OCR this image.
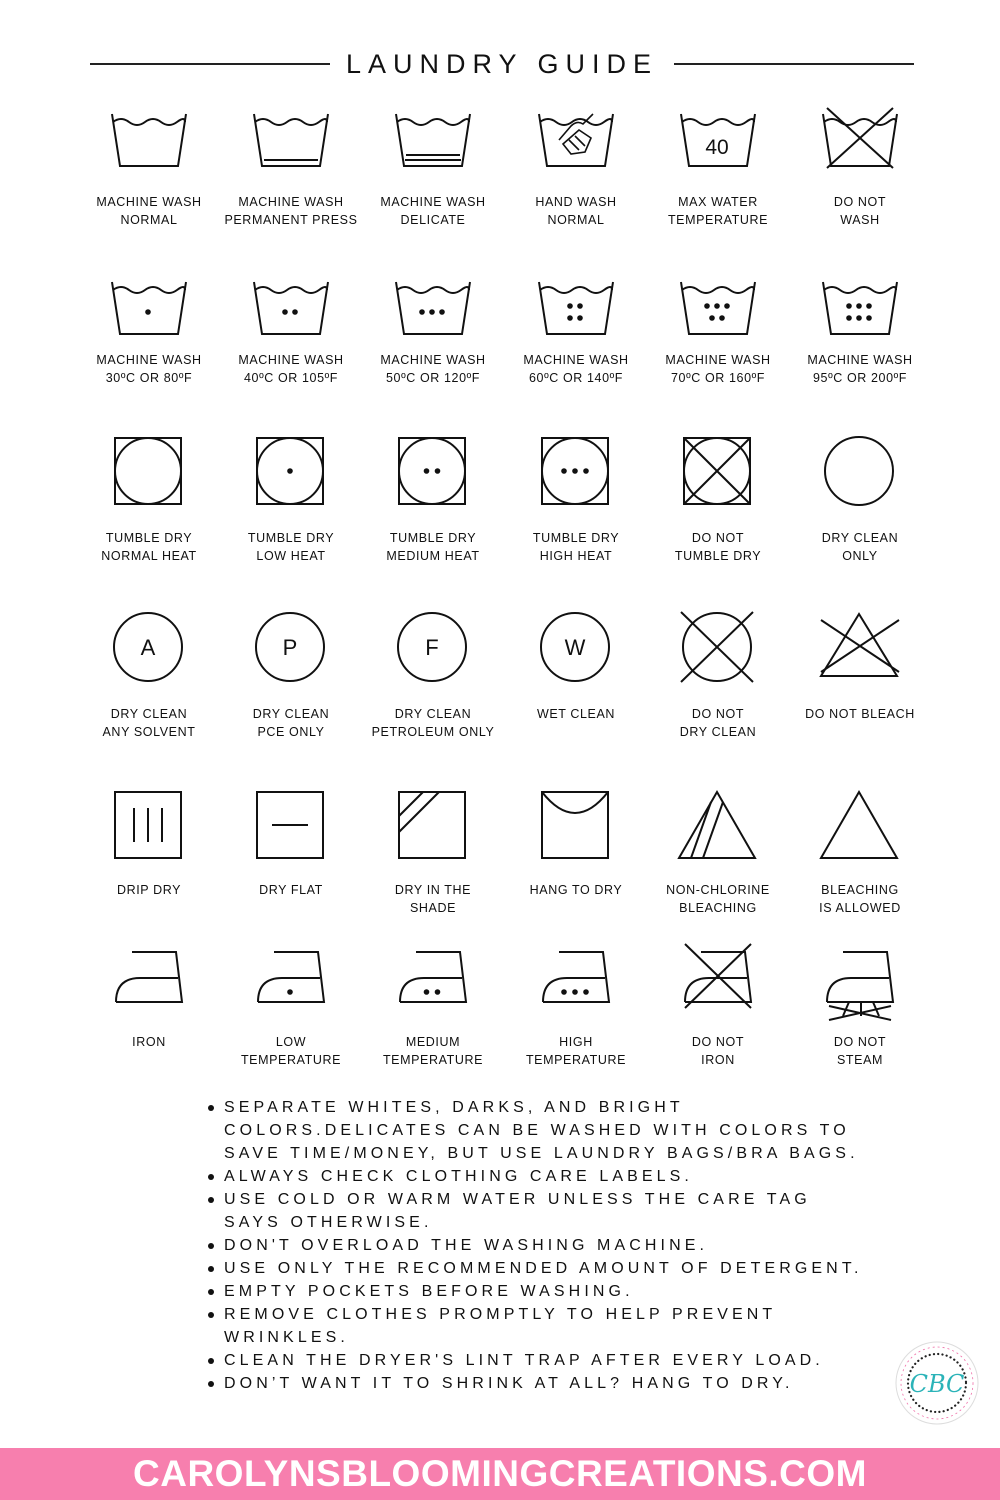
LAUNDRY GUIDE
MACHINE WASH
NORMAL
MACHINE WASH
PERMANENT PRESS
MACHINE WASH
DELICATE
HAND WASH
NORMAL
40
MAX WATER
TEMPERATURE
DO NOT
WASH
MACHINE WASH
30ºC OR 80ºF
MACHINE WASH
40ºC OR 105ºF
MACHINE WASH
50ºC OR 120ºF
MACHINE WASH
60ºC OR 140ºF
MACHINE WASH
70ºC OR 160ºF
MACHINE WASH
95ºC OR 200ºF
TUMBLE DRY
NORMAL HEAT
TUMBLE DRY
LOW HEAT
TUMBLE DRY
MEDIUM HEAT
TUMBLE DRY
HIGH HEAT
DO NOT
TUMBLE DRY
DRY CLEAN
ONLY
A
DRY CLEAN
ANY SOLVENT
P
DRY CLEAN
PCE ONLY
F
DRY CLEAN
PETROLEUM ONLY
W
WET CLEAN	DO NOT
DRY CLEAN
DO NOT BLEACH
DRIP DRY	DRY FLAT	DRY IN THE
SHADE
HANG TO DRY	NON-CHLORINE
BLEACHING
BLEACHING
IS ALLOWED
IRON	LOW
TEMPERATURE
MEDIUM
TEMPERATURE
HIGH
TEMPERATURE
DO NOT
IRON
DO NOT
STEAM
SEPARATE WHITES, DARKS, AND BRIGHT COLORS.DELICATES CAN BE WASHED WITH COLORS TO SAVE TIME/MONEY, BUT USE LAUNDRY BAGS/BRA BAGS.
ALWAYS CHECK CLOTHING CARE LABELS.
USE COLD OR WARM WATER UNLESS THE CARE TAG SAYS OTHERWISE.
DON'T OVERLOAD THE WASHING MACHINE.
USE ONLY THE RECOMMENDED AMOUNT OF DETERGENT.
EMPTY POCKETS BEFORE WASHING.
REMOVE CLOTHES PROMPTLY TO HELP PREVENT WRINKLES.
CLEAN THE DRYER'S LINT TRAP AFTER EVERY LOAD.
DON’T WANT IT TO SHRINK AT ALL? HANG TO DRY.	CBC
CAROLYNSBLOOMINGCREATIONS.COM
